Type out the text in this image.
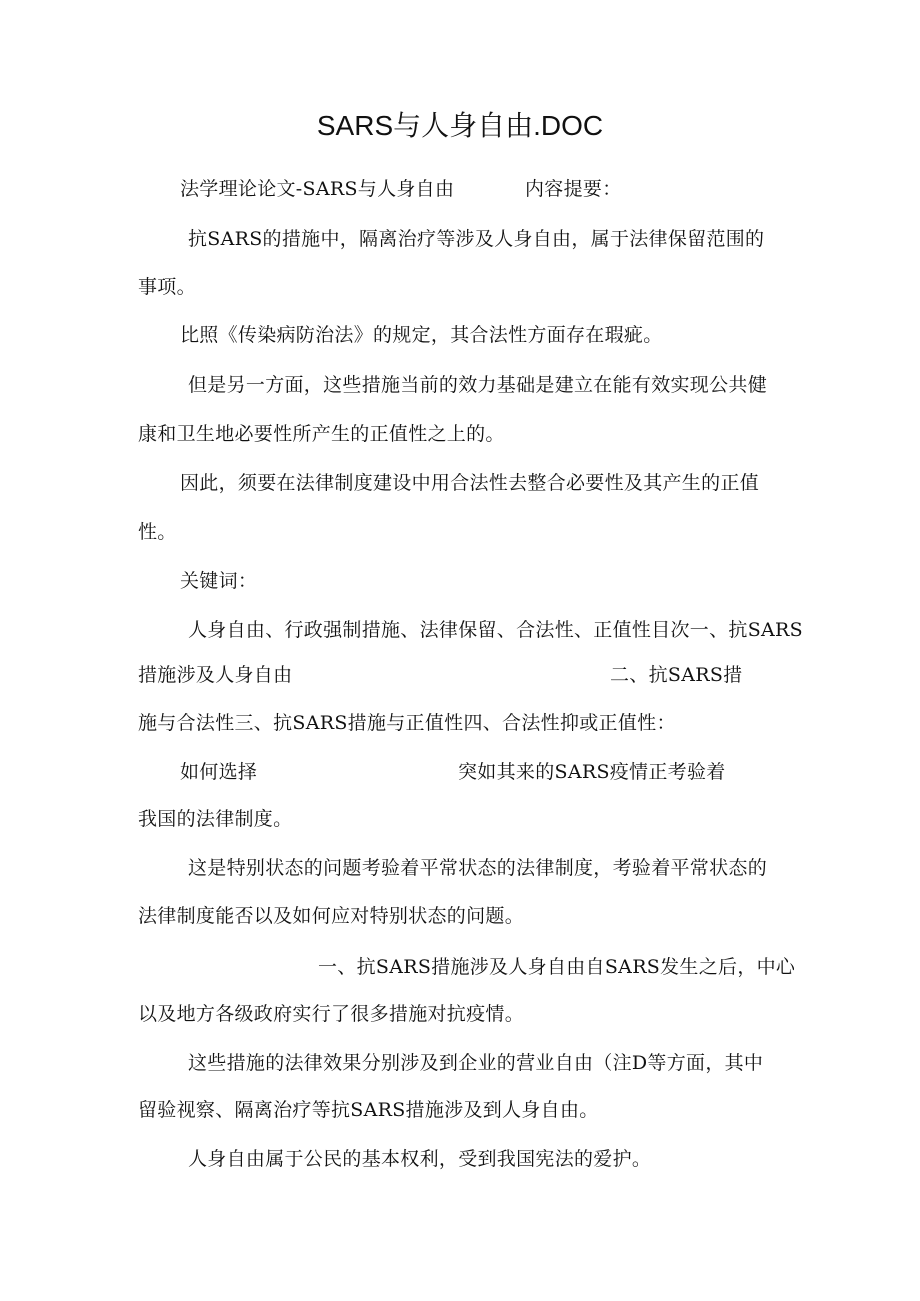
SARS与人身自由.DOC
法学理论论文-SARS与人身自由	内容提要：
抗SARS的措施中，隔离治疗等涉及人身自由，属于法律保留范围的
事项。
比照《传染病防治法》的规定，其合法性方面存在瑕疵。
但是另一方面，这些措施当前的效力基础是建立在能有效实现公共健
康和卫生地必要性所产生的正值性之上的。
因此，须要在法律制度建设中用合法性去整合必要性及其产生的正值
性。
关键词：
人身自由、行政强制措施、法律保留、合法性、正值性目次一、抗SARS
措施涉及人身自由	二、抗SARS措
施与合法性三、抗SARS措施与正值性四、合法性抑或正值性：
如何选择	突如其来的SARS疫情正考验着
我国的法律制度。
这是特别状态的问题考验着平常状态的法律制度，考验着平常状态的
法律制度能否以及如何应对特别状态的问题。
一、抗SARS措施涉及人身自由自SARS发生之后，中心
以及地方各级政府实行了很多措施对抗疫情。
这些措施的法律效果分别涉及到企业的营业自由（注D等方面，其中
留验视察、隔离治疗等抗SARS措施涉及到人身自由。
人身自由属于公民的基本权利，受到我国宪法的爱护。
